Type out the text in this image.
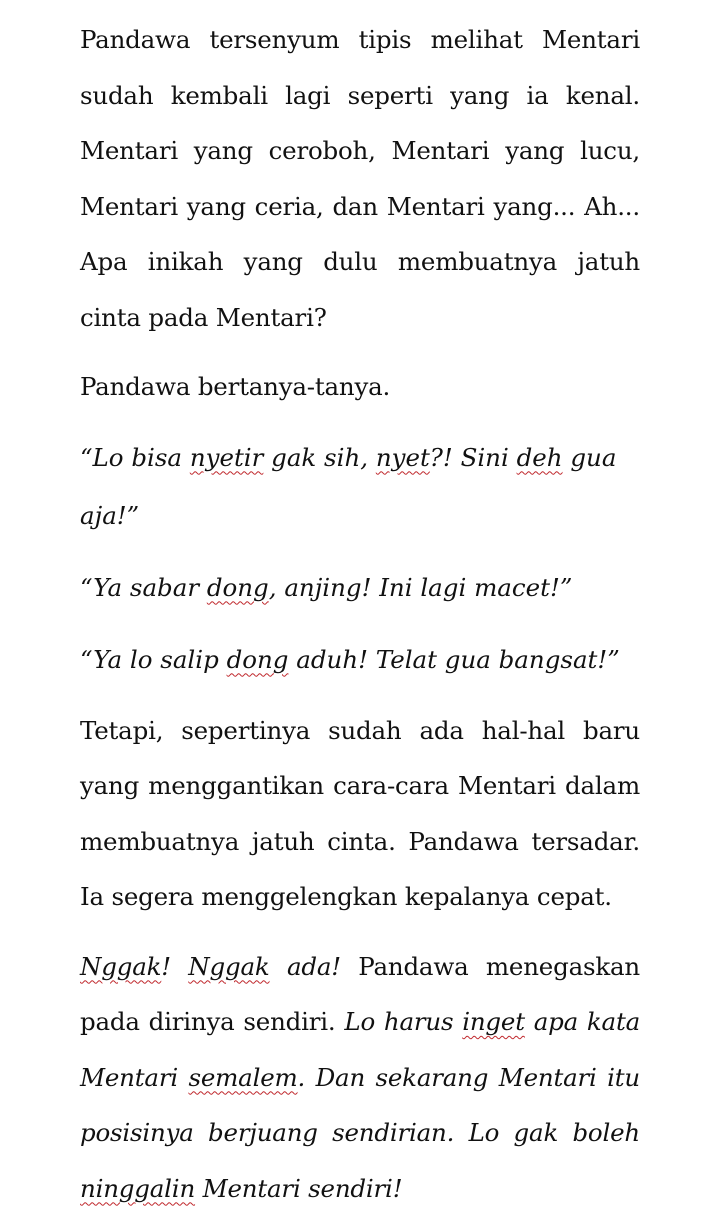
Pandawa tersenyum tipis melihat Mentari sudah kembali lagi seperti yang ia kenal. Mentari yang ceroboh, Mentari yang lucu, Mentari yang ceria, dan Mentari yang... Ah... Apa inikah yang dulu membuatnya jatuh cinta pada Mentari?

Pandawa bertanya-tanya.

“Lo bisa nyetir gak sih, nyet?! Sini deh gua aja!”

“Ya sabar dong, anjing! Ini lagi macet!”

“Ya lo salip dong aduh! Telat gua bangsat!”

Tetapi, sepertinya sudah ada hal-hal baru yang menggantikan cara-cara Mentari dalam membuatnya jatuh cinta. Pandawa tersadar. Ia segera menggelengkan kepalanya cepat.

Nggak! Nggak ada! Pandawa menegaskan pada dirinya sendiri. Lo harus inget apa kata Mentari semalem. Dan sekarang Mentari itu posisinya berjuang sendirian. Lo gak boleh ninggalin Mentari sendiri!
